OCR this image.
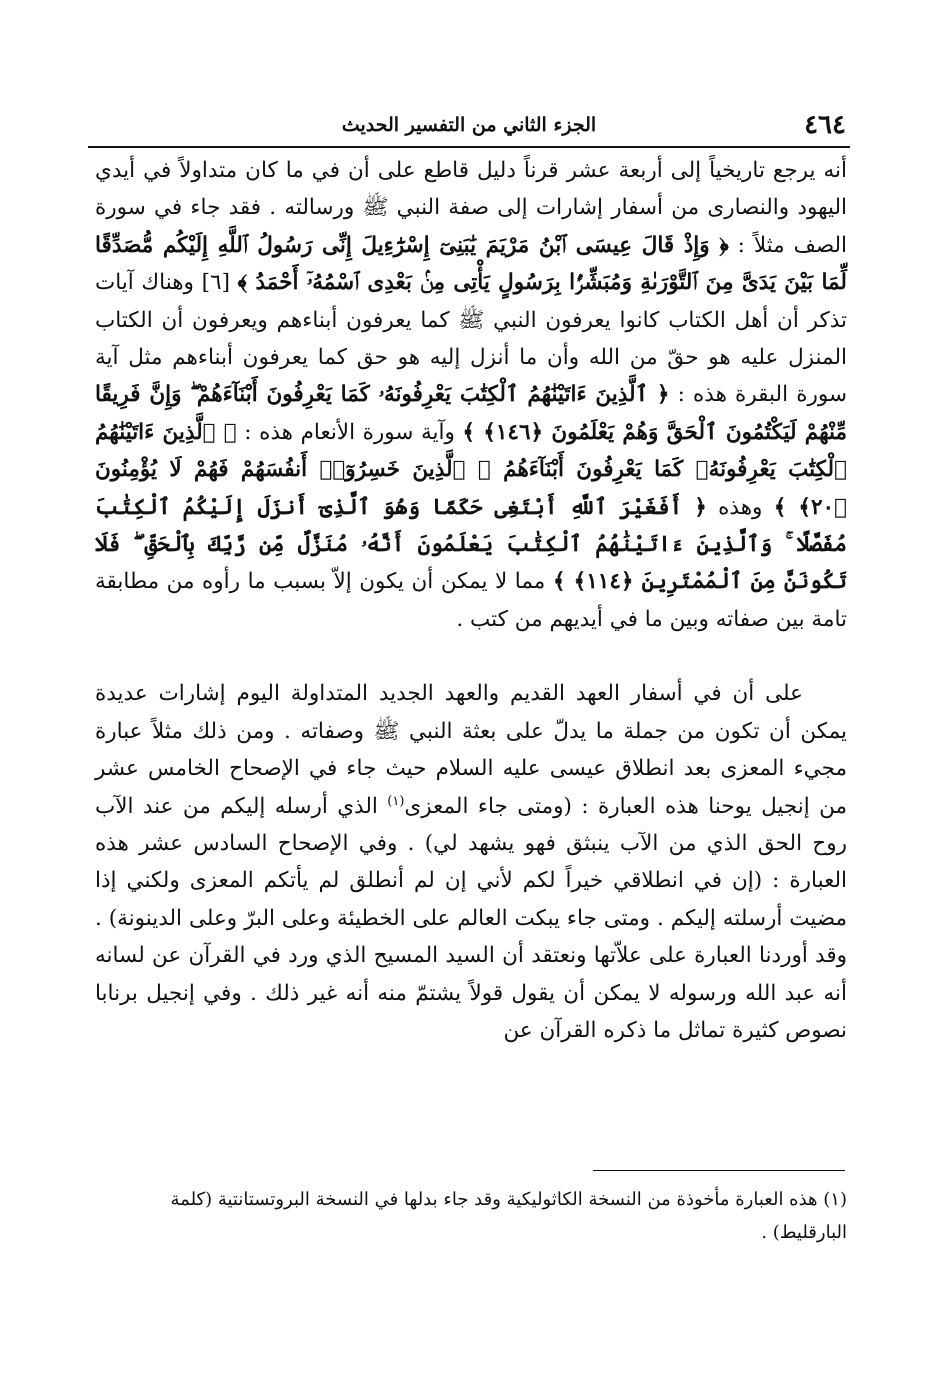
٤٦٤
الجزء الثاني من التفسير الحديث

أنه يرجع تاريخياً إلى أربعة عشر قرناً دليل قاطع على أن في ما كان متداولاً في أيدي اليهود والنصارى من أسفار إشارات إلى صفة النبي ﷺ ورسالته . فقد جاء في سورة الصف مثلاً : ﴿ وَإِذْ قَالَ عِيسَى ٱبْنُ مَرْيَمَ يَٰبَنِىٓ إِسْرَٰٓءِيلَ إِنِّى رَسُولُ ٱللَّهِ إِلَيْكُم مُّصَدِّقًا لِّمَا بَيْنَ يَدَىَّ مِنَ ٱلتَّوْرَىٰةِ وَمُبَشِّرًۢا بِرَسُولٍ يَأْتِى مِنۢ بَعْدِى ٱسْمُهُۥٓ أَحْمَدُ ﴾ [٦] وهناك آيات تذكر أن أهل الكتاب كانوا يعرفون النبي ﷺ كما يعرفون أبناءهم ويعرفون أن الكتاب المنزل عليه هو حقّ من الله وأن ما أنزل إليه هو حق كما يعرفون أبناءهم مثل آية سورة البقرة هذه : ﴿ ٱلَّذِينَ ءَاتَيْنَٰهُمُ ٱلْكِتَٰبَ يَعْرِفُونَهُۥ كَمَا يَعْرِفُونَ أَبْنَآءَهُمْ ۖ وَإِنَّ فَرِيقًا مِّنْهُمْ لَيَكْتُمُونَ ٱلْحَقَّ وَهُمْ يَعْلَمُونَ ﴿١٤٦﴾ ﴾ وآية سورة الأنعام هذه : ﴿ ٱلَّذِينَ ءَاتَيْنَٰهُمُ ٱلْكِتَٰبَ يَعْرِفُونَهُۥ كَمَا يَعْرِفُونَ أَبْنَآءَهُمُ ۘ ٱلَّذِينَ خَسِرُوٓا۟ أَنفُسَهُمْ فَهُمْ لَا يُؤْمِنُونَ ﴿٢٠﴾ ﴾ وهذه ﴿ أَفَغَيْرَ ٱللَّهِ أَبْتَغِى حَكَمًا وَهُوَ ٱلَّذِىٓ أَنزَلَ إِلَيْكُمُ ٱلْكِتَٰبَ مُفَصَّلًا ۚ وَٱلَّذِينَ ءَاتَيْنَٰهُمُ ٱلْكِتَٰبَ يَعْلَمُونَ أَنَّهُۥ مُنَزَّلٌ مِّن رَّبِّكَ بِٱلْحَقِّ ۖ فَلَا تَكُونَنَّ مِنَ ٱلْمُمْتَرِينَ ﴿١١٤﴾ ﴾ مما لا يمكن أن يكون إلاّ بسبب ما رأوه من مطابقة تامة بين صفاته وبين ما في أيديهم من كتب .

على أن في أسفار العهد القديم والعهد الجديد المتداولة اليوم إشارات عديدة يمكن أن تكون من جملة ما يدلّ على بعثة النبي ﷺ وصفاته . ومن ذلك مثلاً عبارة مجيء المعزى بعد انطلاق عيسى عليه السلام حيث جاء في الإصحاح الخامس عشر من إنجيل يوحنا هذه العبارة : (ومتى جاء المعزى$^{(١)}$ الذي أرسله إليكم من عند الآب روح الحق الذي من الآب ينبثق فهو يشهد لي) . وفي الإصحاح السادس عشر هذه العبارة : (إن في انطلاقي خيراً لكم لأني إن لم أنطلق لم يأتكم المعزى ولكني إذا مضيت أرسلته إليكم . ومتى جاء يبكت العالم على الخطيئة وعلى البرّ وعلى الدينونة) . وقد أوردنا العبارة على علاّتها ونعتقد أن السيد المسيح الذي ورد في القرآن عن لسانه أنه عبد الله ورسوله لا يمكن أن يقول قولاً يشتمّ منه أنه غير ذلك . وفي إنجيل برنابا نصوص كثيرة تماثل ما ذكره القرآن عن

(١) هذه العبارة مأخوذة من النسخة الكاثوليكية وقد جاء بدلها في النسخة البروتستانتية (كلمة البارقليط) .
